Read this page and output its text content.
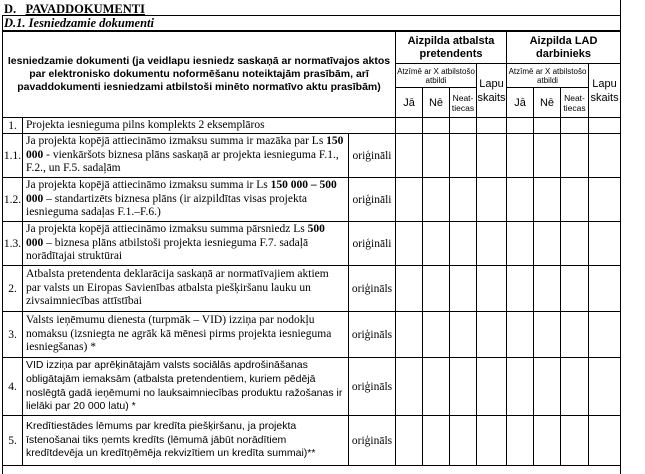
D. PAVADDOKUMENTI
D.1. Iesniedzamie dokumenti
Iesniedzamie dokumenti (ja veidlapu iesniedz saskaņā ar normatīvajos aktos par elektronisko dokumentu noformēšanu noteiktajām prasībām, arī pavaddokumenti iesniedzami atbilstoši minēto normatīvo aktu prasībām)			Aizpilda atbalsta pretendents				Aizpilda LAD darbinieks			
			Atzīmē ar X atbilstošo atbildi			Lapu skaits	Atzīmē ar X atbilstošo atbildi			Lapu skaits
			Jā	Nē	Neat-tiecas		Jā	Nē	Neat-tiecas	
1.	Projekta iesnieguma pilns komplekts 2 eksemplāros									
1.1.	Ja projekta kopējā attiecināmo izmaksu summa ir mazāka par Ls 150 000 - vienkāršots biznesa plāns saskaņā ar projekta iesnieguma F.1., F.2., un F.5. sadaļām	oriģināli								
1.2.	Ja projekta kopējā attiecināmo izmaksu summa ir Ls 150 000 – 500 000 – standartizēts biznesa plāns (ir aizpildītas visas projekta iesnieguma sadaļas F.1.–F.6.)	oriģināli								
1.3.	Ja projekta kopējā attiecināmo izmaksu summa pārsniedz Ls 500 000 – biznesa plāns atbilstoši projekta iesnieguma F.7. sadaļā norādītajai struktūrai	oriģināli								
2.	Atbalsta pretendenta deklarācija saskaņā ar normatīvajiem aktiem par valsts un Eiropas Savienības atbalsta piešķiršanu lauku un zivsaimniecības attīstībai	oriģināls								
3.	Valsts ieņēmumu dienesta (turpmāk – VID) izziņa par nodokļu nomaksu (izsniegta ne agrāk kā mēnesi pirms projekta iesnieguma iesniegšanas) *	oriģināls								
4.	VID izziņa par aprēķinātajām valsts sociālās apdrošināšanas obligātajām iemaksām (atbalsta pretendentiem, kuriem pēdējā noslēgtā gadā ieņēmumi no lauksaimniecības produktu ražošanas ir lielāki par 20 000 latu) *	oriģināls								
5.	Kredītiestādes lēmums par kredīta piešķiršanu, ja projekta īstenošanai tiks ņemts kredīts (lēmumā jābūt norādītiem kredītdevēja un kredītņēmēja rekvizītiem un kredīta summai)**	oriģināls								
